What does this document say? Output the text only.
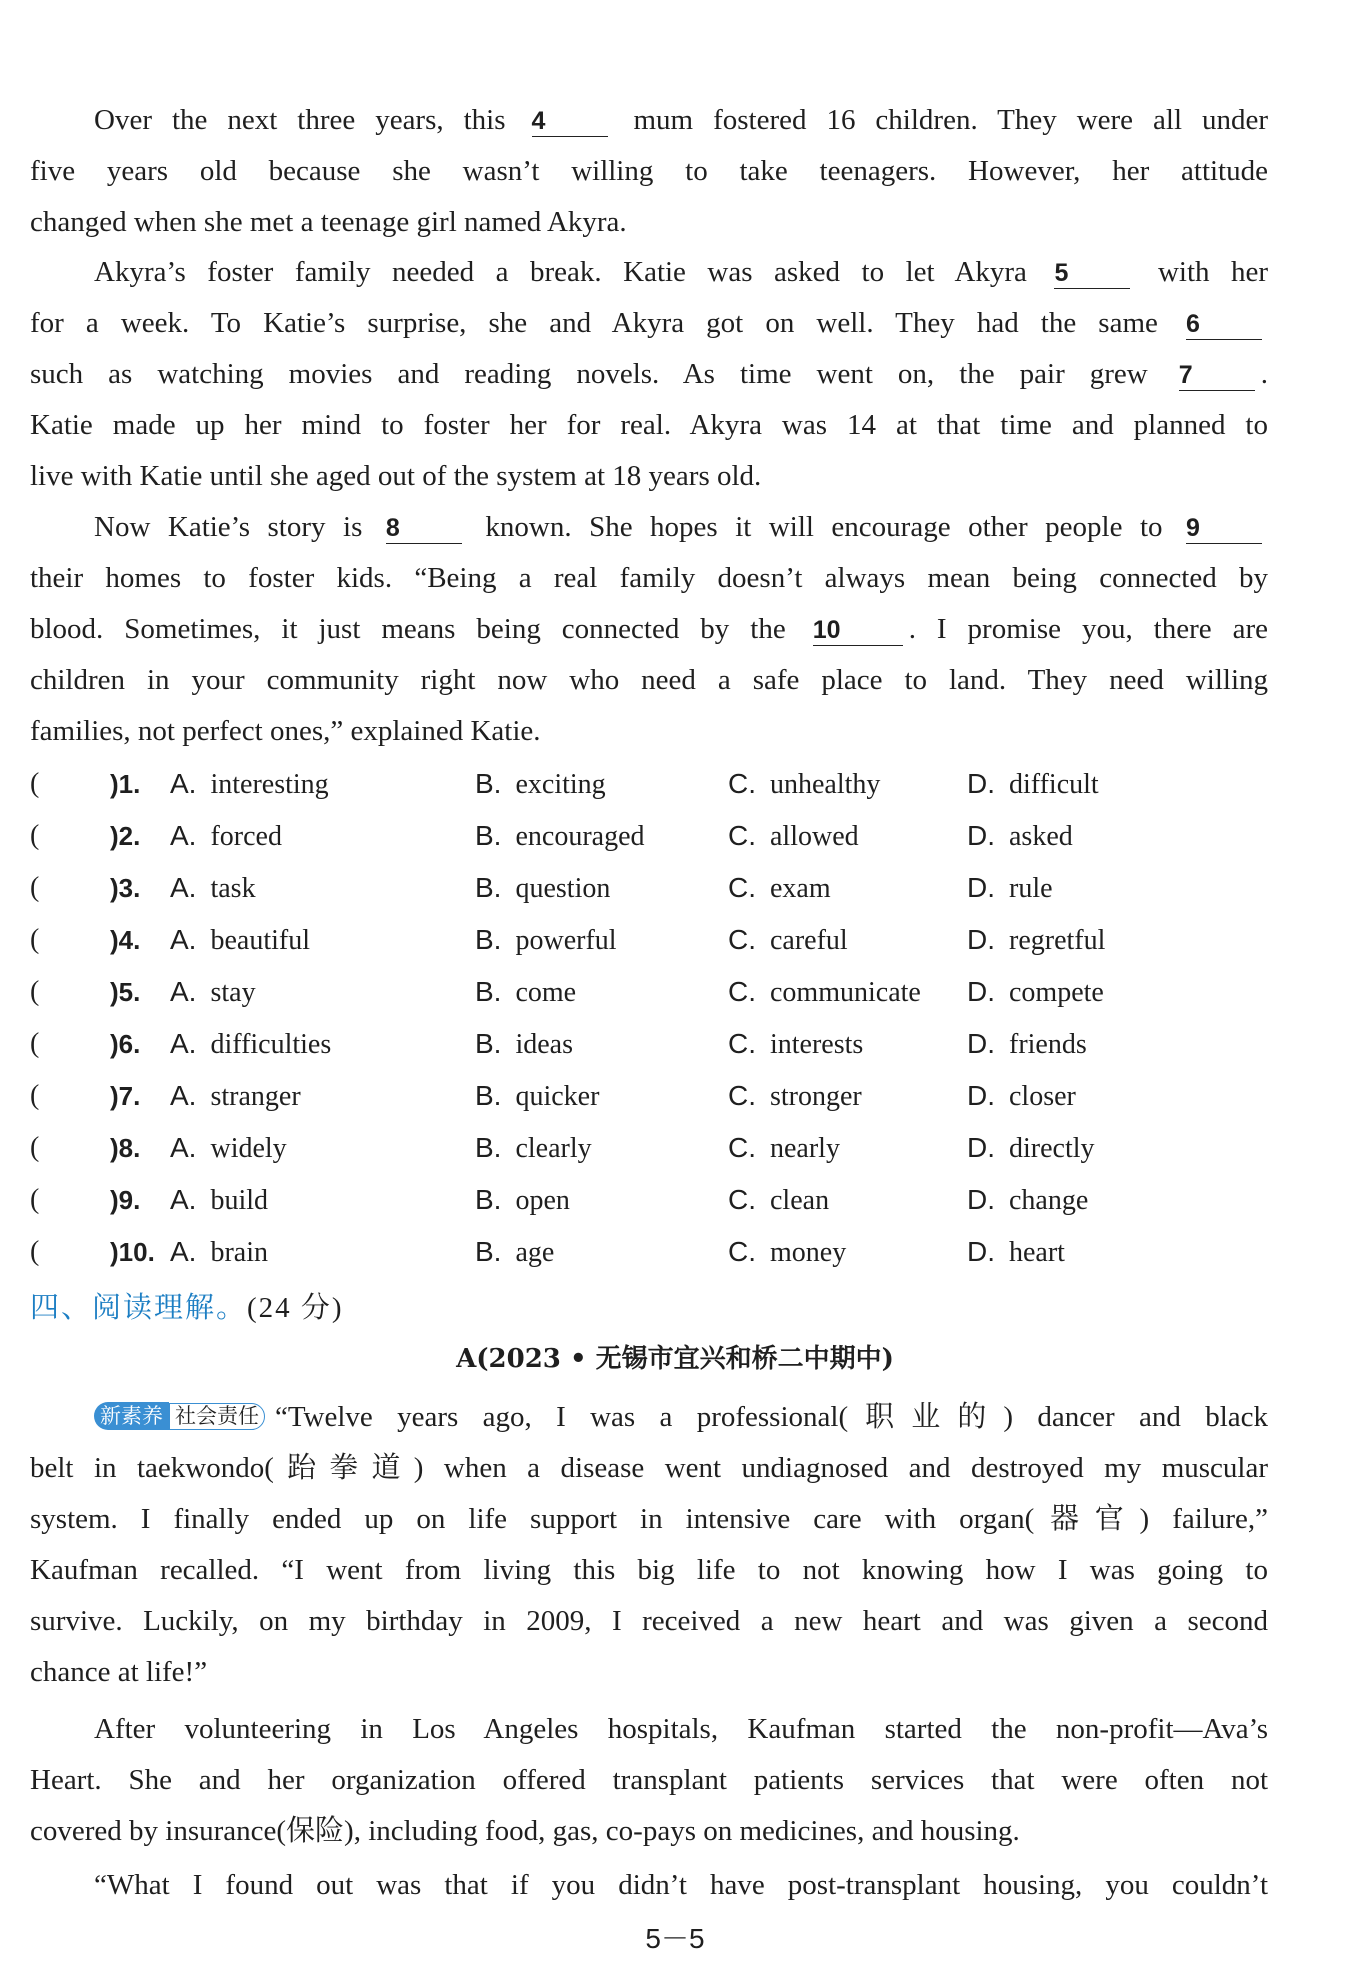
Over the next three years, this 4	mum fostered 16 children. They were all under
five years old because she wasn’t willing to take teenagers. However, her attitude
changed when she met a teenage girl named Akyra.
Akyra’s foster family needed a break. Katie was asked to let Akyra 5	with her
for a week. To Katie’s surprise, she and Akyra got on well. They had the same 6
such as watching movies and reading novels. As time went on, the pair grew 7 .
Katie made up her mind to foster her for real. Akyra was 14 at that time and planned to
live with Katie until she aged out of the system at 18 years old.
Now Katie’s story is 8	known. She hopes it will encourage other people to 9
their homes to foster kids. “Being a real family doesn’t always mean being connected by
blood. Sometimes, it just means being connected by the 10 . I promise you, there are
children in your community right now who need a safe place to land. They need willing
families, not perfect ones,” explained Katie.
(	)1. A. interesting	B. exciting	C. unhealthy	D. difficult
(	)2. A. forced	B. encouraged	C. allowed	D. asked
(	)3. A. task	B. question	C. exam	D. rule
(	)4. A. beautiful	B. powerful	C. careful	D. regretful
(	)5. A. stay	B. come	C. communicate D. compete
(	)6. A. difficulties	B. ideas	C. interests	D. friends
(	)7. A. stranger	B. quicker	C. stronger	D. closer
(	)8. A. widely	B. clearly	C. nearly	D. directly
(	)9. A. build	B. open	C. clean	D. change
(	)10. A. brain	B. age	C. money	D. heart
四、阅读理解。(24 分)
A(2023 • 无锡市宜兴和桥二中期中)
新素养 社会责任 “Twelve years ago, I was a professional(职业的) dancer and black
belt in taekwondo(跆拳道) when a disease went undiagnosed and destroyed my muscular
system. I finally ended up on life support in intensive care with organ(器官) failure,”
Kaufman recalled. “I went from living this big life to not knowing how I was going to
survive. Luckily, on my birthday in 2009, I received a new heart and was given a second
chance at life!”
After volunteering in Los Angeles hospitals, Kaufman started the non-profit—Ava’s
Heart. She and her organization offered transplant patients services that were often not
covered by insurance(保险), including food, gas, co-pays on medicines, and housing.
“What I found out was that if you didn’t have post-transplant housing, you couldn’t
5－5
